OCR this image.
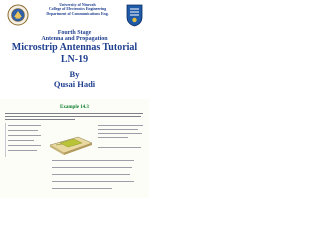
University of Ninevah
College of Electronics Engineering
Department of Communications Eng.
Fourth Stage
Antenna and Propagation
Microstrip Antennas Tutorial
LN-19
By
Qusai Hadi
Example 14.3
